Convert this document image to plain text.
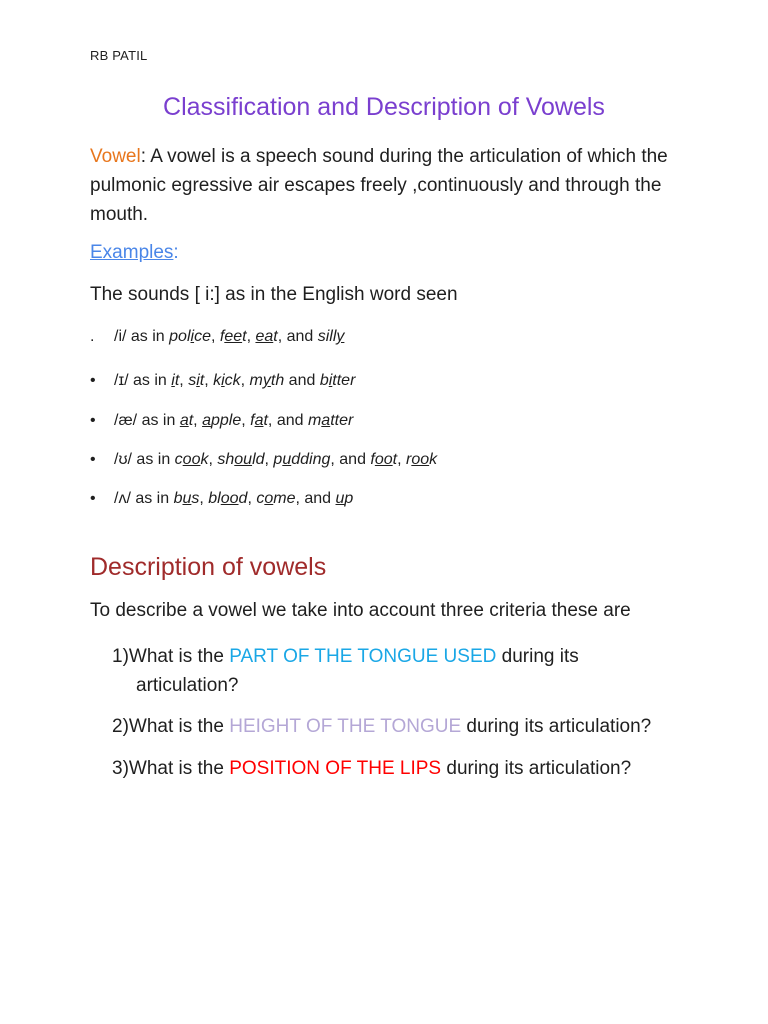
RB PATIL
Classification and Description of Vowels

Vowel: A vowel is a speech sound during the articulation of which the pulmonic egressive air escapes freely ,continuously and through the mouth.

Examples:
The sounds [ i:] as in the English word seen
. /i/ as in police, feet, eat, and silly
• /ɪ/ as in it, sit, kick, myth and bitter
• /æ/ as in at, apple, fat, and matter
• /ʊ/ as in cook, should, pudding, and foot, rook
• /ʌ/ as in bus, blood, come, and up
Description of vowels
To describe a vowel we take into account three criteria these are
1)What is the PART OF THE TONGUE USED during its
articulation?
2)What is the HEIGHT OF THE TONGUE during its articulation?
3)What is the POSITION OF THE LIPS during its articulation?
